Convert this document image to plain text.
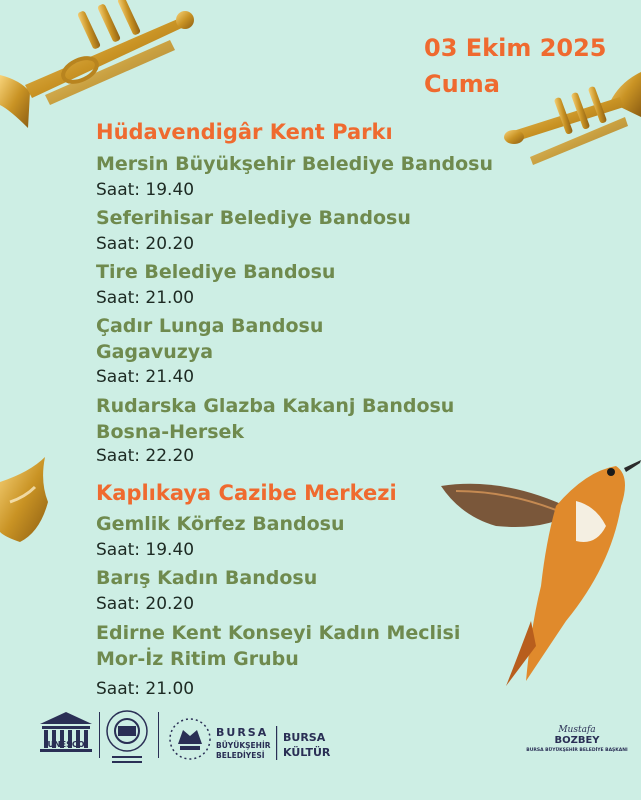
03 Ekim 2025
Cuma
Hüdavendigâr Kent Parkı
Mersin Büyükşehir Belediye Bandosu
Saat: 19.40
Seferihisar Belediye Bandosu
Saat: 20.20
Tire Belediye Bandosu
Saat: 21.00
Çadır Lunga Bandosu
Gagavuzya
Saat: 21.40
Rudarska Glazba Kakanj Bandosu
Bosna-Hersek
Saat: 22.20
Kaplıkaya Cazibe Merkezi
Gemlik Körfez Bandosu
Saat: 19.40
Barış Kadın Bandosu
Saat: 20.20
Edirne Kent Konseyi Kadın Meclisi
Mor-İz Ritim Grubu
Saat: 21.00
UNESCO
BURSA
BÜYÜKŞEHİR
BELEDİYESİ
BURSA
KÜLTÜR
Mustafa
BOZBEY
BURSA BÜYÜKŞEHİR BELEDİYE BAŞKANI
